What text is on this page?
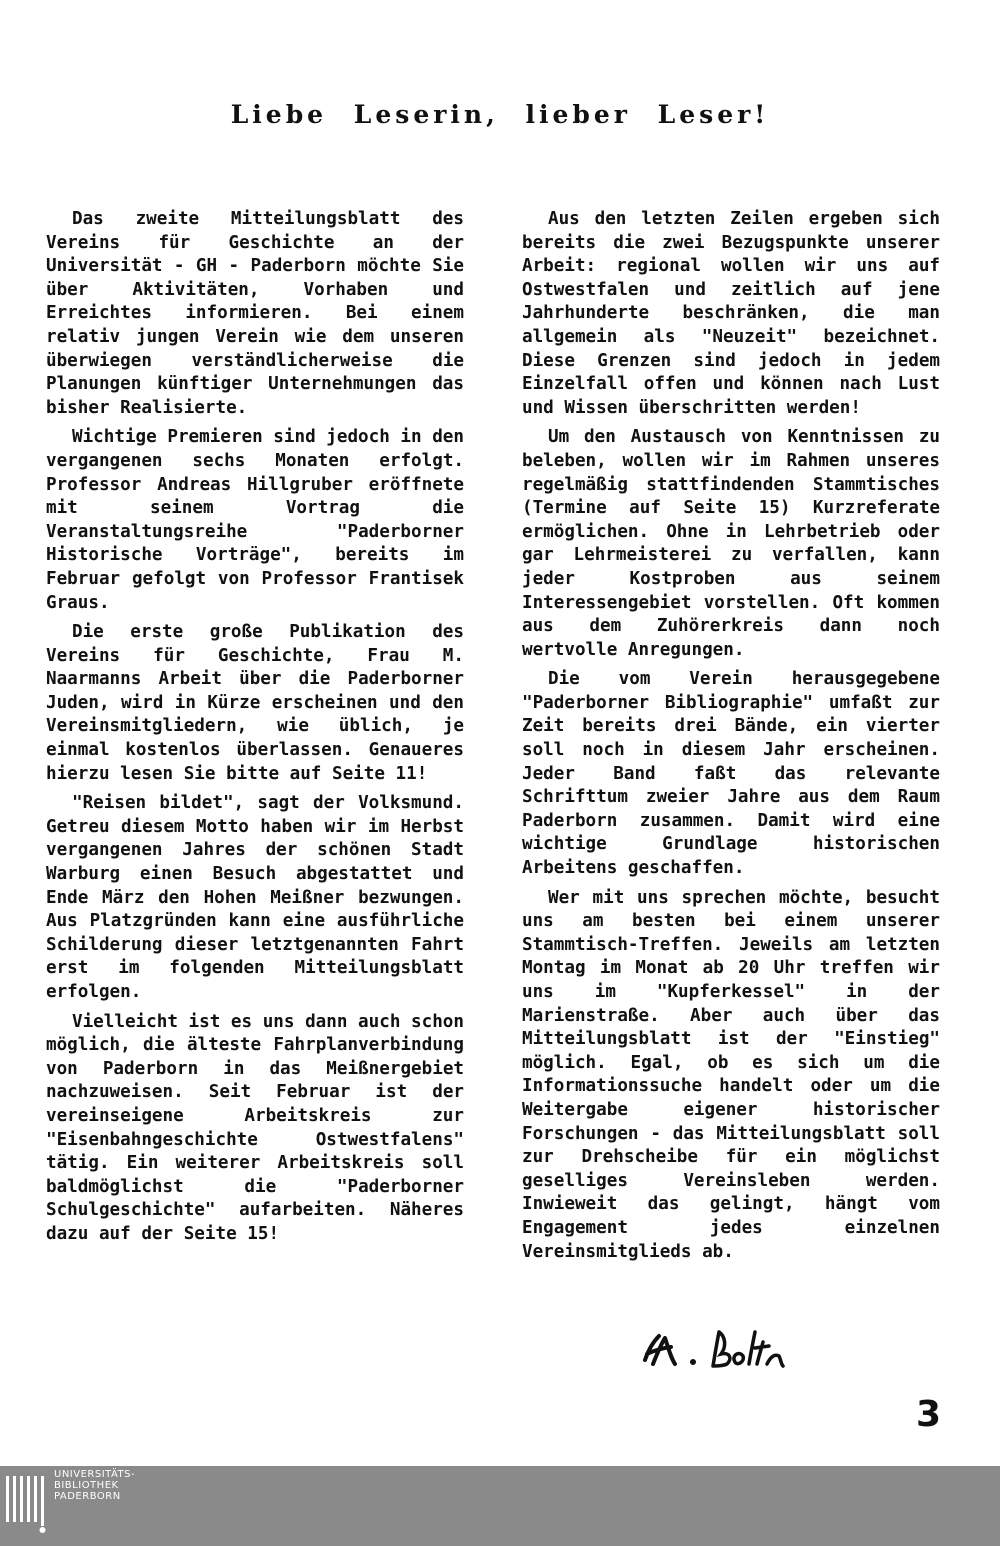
Liebe Leserin, lieber Leser!

Das zweite Mitteilungsblatt des Vereins für Geschichte an der Universität - GH - Paderborn möchte Sie über Aktivitäten, Vorhaben und Erreichtes informieren. Bei einem relativ jungen Verein wie dem unseren überwiegen verständlicherweise die Planungen künftiger Unternehmungen das bisher Realisierte.

Wichtige Premieren sind jedoch in den vergangenen sechs Monaten erfolgt. Professor Andreas Hillgruber eröffnete mit seinem Vortrag die Veranstaltungsreihe "Paderborner Historische Vorträge", bereits im Februar gefolgt von Professor Frantisek Graus.

Die erste große Publikation des Vereins für Geschichte, Frau M. Naarmanns Arbeit über die Paderborner Juden, wird in Kürze erscheinen und den Vereinsmitgliedern, wie üblich, je einmal kostenlos überlassen. Genaueres hierzu lesen Sie bitte auf Seite 11!

"Reisen bildet", sagt der Volksmund. Getreu diesem Motto haben wir im Herbst vergangenen Jahres der schönen Stadt Warburg einen Besuch abgestattet und Ende März den Hohen Meißner bezwungen. Aus Platzgründen kann eine ausführliche Schilderung dieser letztgenannten Fahrt erst im folgenden Mitteilungsblatt erfolgen.

Vielleicht ist es uns dann auch schon möglich, die älteste Fahrplanverbindung von Paderborn in das Meißnergebiet nachzuweisen. Seit Februar ist der vereinseigene Arbeitskreis zur "Eisenbahngeschichte Ostwestfalens" tätig. Ein weiterer Arbeitskreis soll baldmöglichst die "Paderborner Schulgeschichte" aufarbeiten. Näheres dazu auf der Seite 15!

Aus den letzten Zeilen ergeben sich bereits die zwei Bezugspunkte unserer Arbeit: regional wollen wir uns auf Ostwestfalen und zeitlich auf jene Jahrhunderte beschränken, die man allgemein als "Neuzeit" bezeichnet. Diese Grenzen sind jedoch in jedem Einzelfall offen und können nach Lust und Wissen überschritten werden!

Um den Austausch von Kenntnissen zu beleben, wollen wir im Rahmen unseres regelmäßig stattfindenden Stammtisches (Termine auf Seite 15) Kurzreferate ermöglichen. Ohne in Lehrbetrieb oder gar Lehrmeisterei zu verfallen, kann jeder Kostproben aus seinem Interessengebiet vorstellen. Oft kommen aus dem Zuhörerkreis dann noch wertvolle Anregungen.

Die vom Verein herausgegebene "Paderborner Bibliographie" umfaßt zur Zeit bereits drei Bände, ein vierter soll noch in diesem Jahr erscheinen. Jeder Band faßt das relevante Schrifttum zweier Jahre aus dem Raum Paderborn zusammen. Damit wird eine wichtige Grundlage historischen Arbeitens geschaffen.

Wer mit uns sprechen möchte, besucht uns am besten bei einem unserer Stammtisch-Treffen. Jeweils am letzten Montag im Monat ab 20 Uhr treffen wir uns im "Kupferkessel" in der Marienstraße. Aber auch über das Mitteilungsblatt ist der "Einstieg" möglich. Egal, ob es sich um die Informationssuche handelt oder um die Weitergabe eigener historischer Forschungen - das Mitteilungsblatt soll zur Drehscheibe für ein möglichst geselliges Vereinsleben werden. Inwieweit das gelingt, hängt vom Engagement jedes einzelnen Vereinsmitglieds ab.

3
UNIVERSITÄTS-
BIBLIOTHEK
PADERBORN
